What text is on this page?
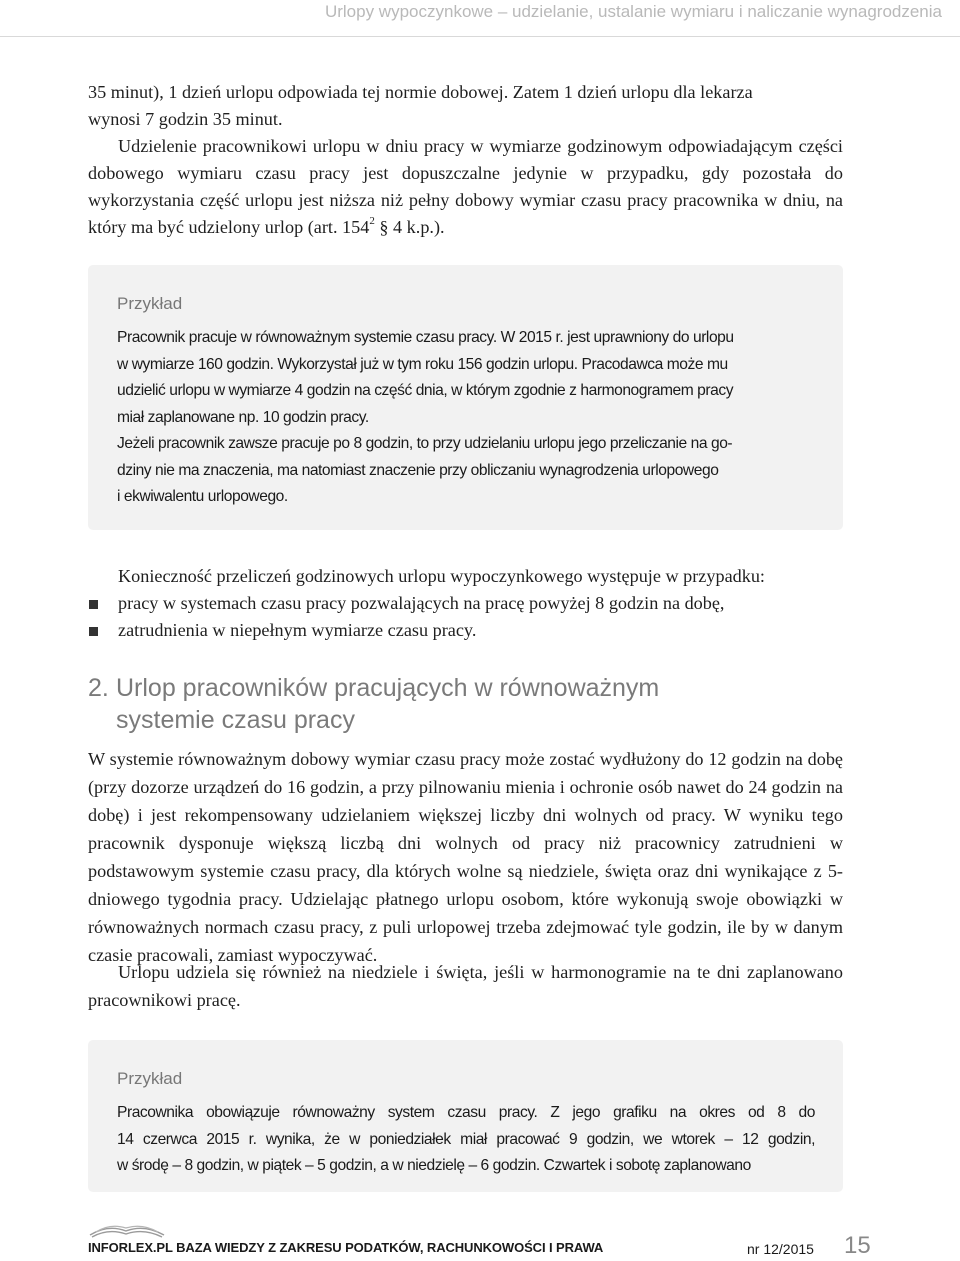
Urlopy wypoczynkowe – udzielanie, ustalanie wymiaru i naliczanie wynagrodzenia

35 minut), 1 dzień urlopu odpowiada tej normie dobowej. Zatem 1 dzień urlopu dla lekarza

wynosi 7 godzin 35 minut.

Udzielenie pracownikowi urlopu w dniu pracy w wymiarze godzinowym odpowiadającym części dobowego wymiaru czasu pracy jest dopuszczalne jedynie w przypadku, gdy pozostała do wykorzystania część urlopu jest niższa niż pełny dobowy wymiar czasu pracy pracownika w dniu, na który ma być udzielony urlop (art. $154^2$ § 4 k.p.).

Przykład

Pracownik pracuje w równoważnym systemie czasu pracy. W 2015 r. jest uprawniony do urlopu

w wymiarze 160 godzin. Wykorzystał już w tym roku 156 godzin urlopu. Pracodawca może mu

udzielić urlopu w wymiarze 4 godzin na część dnia, w którym zgodnie z harmonogramem pracy

miał zaplanowane np. 10 godzin pracy.

Jeżeli pracownik zawsze pracuje po 8 godzin, to przy udzielaniu urlopu jego przeliczanie na go-

dziny nie ma znaczenia, ma natomiast znaczenie przy obliczaniu wynagrodzenia urlopowego

i ekwiwalentu urlopowego.

Konieczność przeliczeń godzinowych urlopu wypoczynkowego występuje w przypadku:
pracy w systemach czasu pracy pozwalających na pracę powyżej 8 godzin na dobę,
zatrudnienia w niepełnym wymiarze czasu pracy.
2. Urlop pracowników pracujących w równoważnym
systemie czasu pracy

W systemie równoważnym dobowy wymiar czasu pracy może zostać wydłużony do 12 godzin na dobę (przy dozorze urządzeń do 16 godzin, a przy pilnowaniu mienia i ochronie osób nawet do 24 godzin na dobę) i jest rekompensowany udzielaniem większej liczby dni wolnych od pracy. W wyniku tego pracownik dysponuje większą liczbą dni wolnych od pracy niż pracownicy zatrudnieni w podstawowym systemie czasu pracy, dla których wolne są niedziele, święta oraz dni wynikające z 5-dniowego tygodnia pracy. Udzielając płatnego urlopu osobom, które wykonują swoje obowiązki w równoważnych normach czasu pracy, z puli urlopowej trzeba zdejmować tyle godzin, ile by w danym czasie pracowali, zamiast wypoczywać.

Urlopu udziela się również na niedziele i święta, jeśli w harmonogramie na te dni zaplanowano pracownikowi pracę.

Przykład

Pracownika obowiązuje równoważny system czasu pracy. Z jego grafiku na okres od 8 do

14 czerwca 2015 r. wynika, że w poniedziałek miał pracować 9 godzin, we wtorek – 12 godzin,

w środę – 8 godzin, w piątek – 5 godzin, a w niedzielę – 6 godzin. Czwartek i sobotę zaplanowano

INFORLEX.PL BAZA WIEDZY Z ZAKRESU PODATKÓW, RACHUNKOWOŚCI I PRAWA	nr 12/2015 15
